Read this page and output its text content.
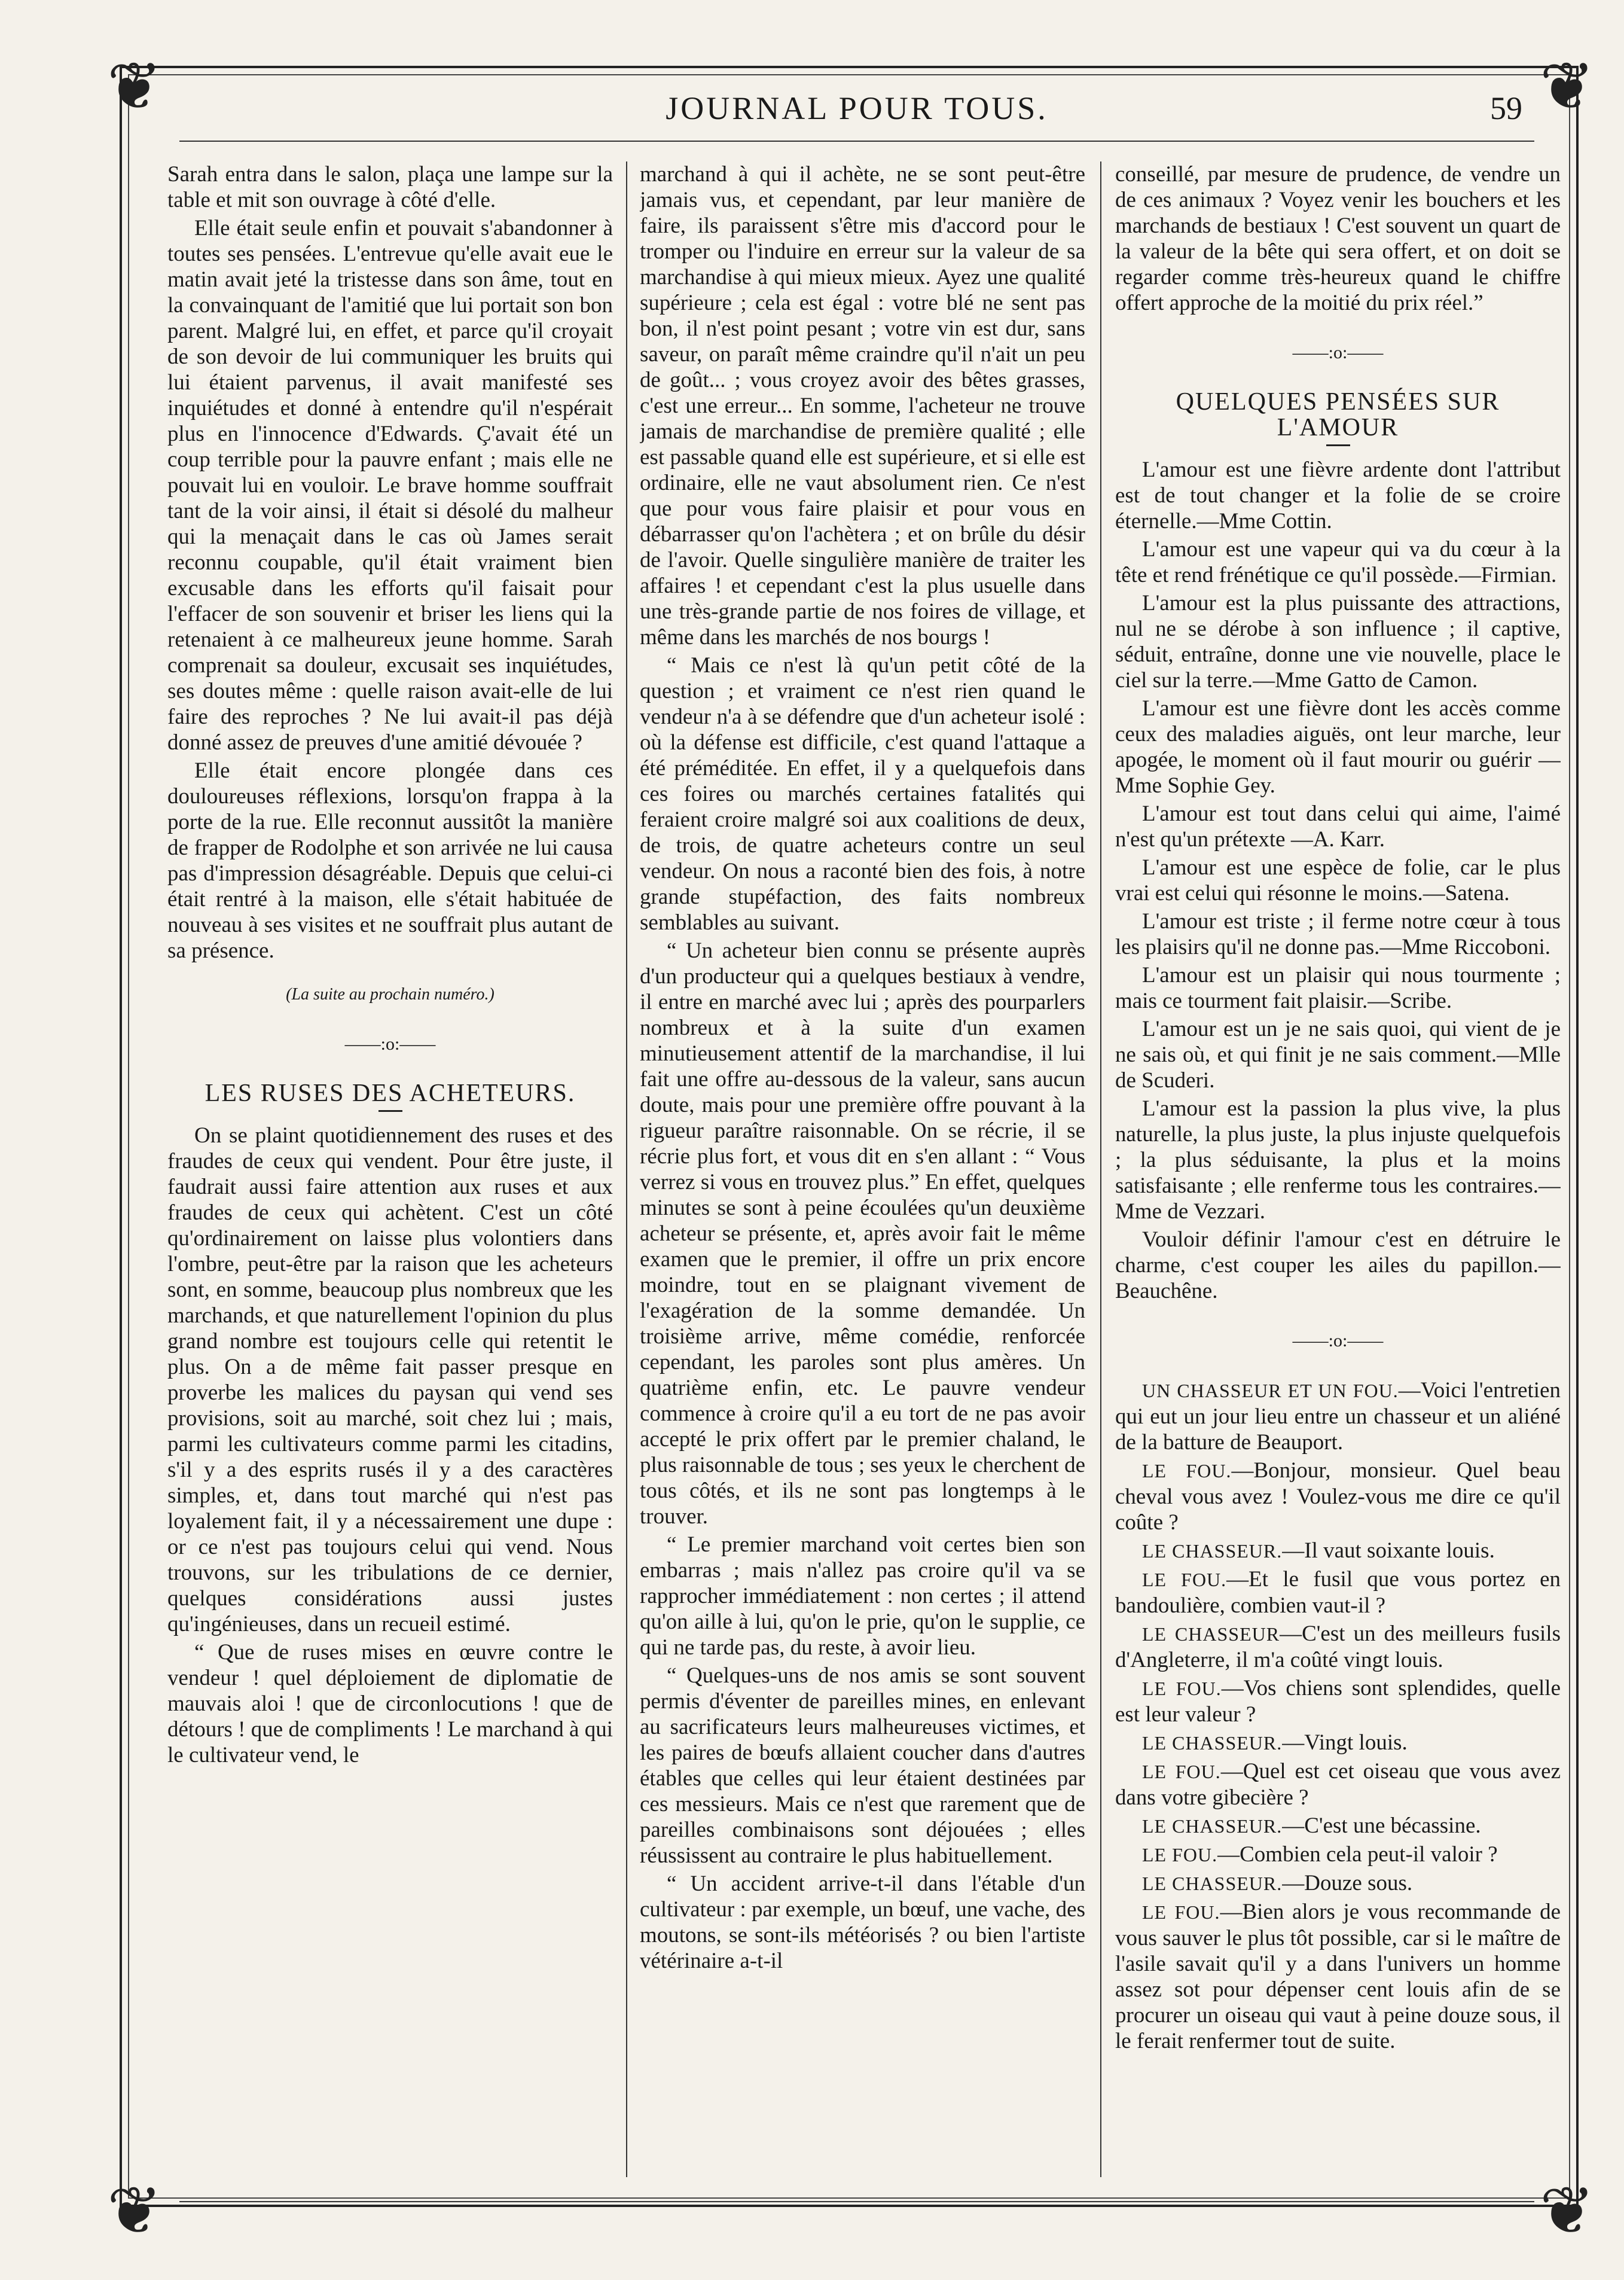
❦	❦
❦	❦
JOURNAL POUR TOUS.	59

Sarah entra dans le salon, plaça une lampe sur la table et mit son ouvrage à côté d'elle.

Elle était seule enfin et pouvait s'abandonner à toutes ses pensées. L'entrevue qu'elle avait eue le matin avait jeté la tristesse dans son âme, tout en la convainquant de l'amitié que lui portait son bon parent. Malgré lui, en effet, et parce qu'il croyait de son devoir de lui communiquer les bruits qui lui étaient parvenus, il avait manifesté ses inquiétudes et donné à entendre qu'il n'espérait plus en l'innocence d'Edwards. Ç'avait été un coup terrible pour la pauvre enfant ; mais elle ne pouvait lui en vouloir. Le brave homme souffrait tant de la voir ainsi, il était si désolé du malheur qui la menaçait dans le cas où James serait reconnu coupable, qu'il était vraiment bien excusable dans les efforts qu'il faisait pour l'effacer de son souvenir et briser les liens qui la retenaient à ce malheureux jeune homme. Sarah comprenait sa douleur, excusait ses inquiétudes, ses doutes même : quelle raison avait-elle de lui faire des reproches ? Ne lui avait-il pas déjà donné assez de preuves d'une amitié dévouée ?

Elle était encore plongée dans ces douloureuses réflexions, lorsqu'on frappa à la porte de la rue. Elle reconnut aussitôt la manière de frapper de Rodolphe et son arrivée ne lui causa pas d'impression désagréable. Depuis que celui-ci était rentré à la maison, elle s'était habituée de nouveau à ses visites et ne souffrait plus autant de sa présence.

(La suite au prochain numéro.)
——:o:——
LES RUSES DES ACHETEURS.

On se plaint quotidiennement des ruses et des fraudes de ceux qui vendent. Pour être juste, il faudrait aussi faire attention aux ruses et aux fraudes de ceux qui achètent. C'est un côté qu'ordinairement on laisse plus volontiers dans l'ombre, peut-être par la raison que les acheteurs sont, en somme, beaucoup plus nombreux que les marchands, et que naturellement l'opinion du plus grand nombre est toujours celle qui retentit le plus. On a de même fait passer presque en proverbe les malices du paysan qui vend ses provisions, soit au marché, soit chez lui ; mais, parmi les cultivateurs comme parmi les citadins, s'il y a des esprits rusés il y a des caractères simples, et, dans tout marché qui n'est pas loyalement fait, il y a nécessairement une dupe : or ce n'est pas toujours celui qui vend. Nous trouvons, sur les tribulations de ce dernier, quelques considérations aussi justes qu'ingénieuses, dans un recueil estimé.

“ Que de ruses mises en œuvre contre le vendeur ! quel déploiement de diplomatie de mauvais aloi ! que de circonlocutions ! que de détours ! que de compliments ! Le marchand à qui le cultivateur vend, le

marchand à qui il achète, ne se sont peut-être jamais vus, et cependant, par leur manière de faire, ils paraissent s'être mis d'accord pour le tromper ou l'induire en erreur sur la valeur de sa marchandise à qui mieux mieux. Ayez une qualité supérieure ; cela est égal : votre blé ne sent pas bon, il n'est point pesant ; votre vin est dur, sans saveur, on paraît même craindre qu'il n'ait un peu de goût... ; vous croyez avoir des bêtes grasses, c'est une erreur... En somme, l'acheteur ne trouve jamais de marchandise de première qualité ; elle est passable quand elle est supérieure, et si elle est ordinaire, elle ne vaut absolument rien. Ce n'est que pour vous faire plaisir et pour vous en débarrasser qu'on l'achètera ; et on brûle du désir de l'avoir. Quelle singulière manière de traiter les affaires ! et cependant c'est la plus usuelle dans une très-grande partie de nos foires de village, et même dans les marchés de nos bourgs !

“ Mais ce n'est là qu'un petit côté de la question ; et vraiment ce n'est rien quand le vendeur n'a à se défendre que d'un acheteur isolé : où la défense est difficile, c'est quand l'attaque a été préméditée. En effet, il y a quelquefois dans ces foires ou marchés certaines fatalités qui feraient croire malgré soi aux coalitions de deux, de trois, de quatre acheteurs contre un seul vendeur. On nous a raconté bien des fois, à notre grande stupéfaction, des faits nombreux semblables au suivant.

“ Un acheteur bien connu se présente auprès d'un producteur qui a quelques bestiaux à vendre, il entre en marché avec lui ; après des pourparlers nombreux et à la suite d'un examen minutieusement attentif de la marchandise, il lui fait une offre au-dessous de la valeur, sans aucun doute, mais pour une première offre pouvant à la rigueur paraître raisonnable. On se récrie, il se récrie plus fort, et vous dit en s'en allant : “ Vous verrez si vous en trouvez plus.” En effet, quelques minutes se sont à peine écoulées qu'un deuxième acheteur se présente, et, après avoir fait le même examen que le premier, il offre un prix encore moindre, tout en se plaignant vivement de l'exagération de la somme demandée. Un troisième arrive, même comédie, renforcée cependant, les paroles sont plus amères. Un quatrième enfin, etc. Le pauvre vendeur commence à croire qu'il a eu tort de ne pas avoir accepté le prix offert par le premier chaland, le plus raisonnable de tous ; ses yeux le cherchent de tous côtés, et ils ne sont pas longtemps à le trouver.

“ Le premier marchand voit certes bien son embarras ; mais n'allez pas croire qu'il va se rapprocher immédiatement : non certes ; il attend qu'on aille à lui, qu'on le prie, qu'on le supplie, ce qui ne tarde pas, du reste, à avoir lieu.

“ Quelques-uns de nos amis se sont souvent permis d'éventer de pareilles mines, en enlevant au sacrificateurs leurs malheureuses victimes, et les paires de bœufs allaient coucher dans d'autres étables que celles qui leur étaient destinées par ces messieurs. Mais ce n'est que rarement que de pareilles combinaisons sont déjouées ; elles réussissent au contraire le plus habituellement.

“ Un accident arrive-t-il dans l'étable d'un cultivateur : par exemple, un bœuf, une vache, des moutons, se sont-ils météorisés ? ou bien l'artiste vétérinaire a-t-il

conseillé, par mesure de prudence, de vendre un de ces animaux ? Voyez venir les bouchers et les marchands de bestiaux ! C'est souvent un quart de la valeur de la bête qui sera offert, et on doit se regarder comme très-heureux quand le chiffre offert approche de la moitié du prix réel.”

——:o:——
QUELQUES PENSÉES SUR L'AMOUR

L'amour est une fièvre ardente dont l'attribut est de tout changer et la folie de se croire éternelle.—Mme Cottin.

L'amour est une vapeur qui va du cœur à la tête et rend frénétique ce qu'il possède.—Firmian.

L'amour est la plus puissante des attractions, nul ne se dérobe à son influence ; il captive, séduit, entraîne, donne une vie nouvelle, place le ciel sur la terre.—Mme Gatto de Camon.

L'amour est une fièvre dont les accès comme ceux des maladies aiguës, ont leur marche, leur apogée, le moment où il faut mourir ou guérir —Mme Sophie Gey.

L'amour est tout dans celui qui aime, l'aimé n'est qu'un prétexte —A. Karr.

L'amour est une espèce de folie, car le plus vrai est celui qui résonne le moins.—Satena.

L'amour est triste ; il ferme notre cœur à tous les plaisirs qu'il ne donne pas.—Mme Riccoboni.

L'amour est un plaisir qui nous tourmente ; mais ce tourment fait plaisir.—Scribe.

L'amour est un je ne sais quoi, qui vient de je ne sais où, et qui finit je ne sais comment.—Mlle de Scuderi.

L'amour est la passion la plus vive, la plus naturelle, la plus juste, la plus injuste quelquefois ; la plus séduisante, la plus et la moins satisfaisante ; elle renferme tous les contraires.—Mme de Vezzari.

Vouloir définir l'amour c'est en détruire le charme, c'est couper les ailes du papillon.—Beauchêne.

——:o:——

UN CHASSEUR ET UN FOU.—Voici l'entretien qui eut un jour lieu entre un chasseur et un aliéné de la batture de Beauport.

LE FOU.—Bonjour, monsieur. Quel beau cheval vous avez ! Voulez-vous me dire ce qu'il coûte ?

LE CHASSEUR.—Il vaut soixante louis.

LE FOU.—Et le fusil que vous portez en bandoulière, combien vaut-il ?

LE CHASSEUR—C'est un des meilleurs fusils d'Angleterre, il m'a coûté vingt louis.

LE FOU.—Vos chiens sont splendides, quelle est leur valeur ?

LE CHASSEUR.—Vingt louis.

LE FOU.—Quel est cet oiseau que vous avez dans votre gibecière ?

LE CHASSEUR.—C'est une bécassine.

LE FOU.—Combien cela peut-il valoir ?

LE CHASSEUR.—Douze sous.

LE FOU.—Bien alors je vous recommande de vous sauver le plus tôt possible, car si le maître de l'asile savait qu'il y a dans l'univers un homme assez sot pour dépenser cent louis afin de se procurer un oiseau qui vaut à peine douze sous, il le ferait renfermer tout de suite.
